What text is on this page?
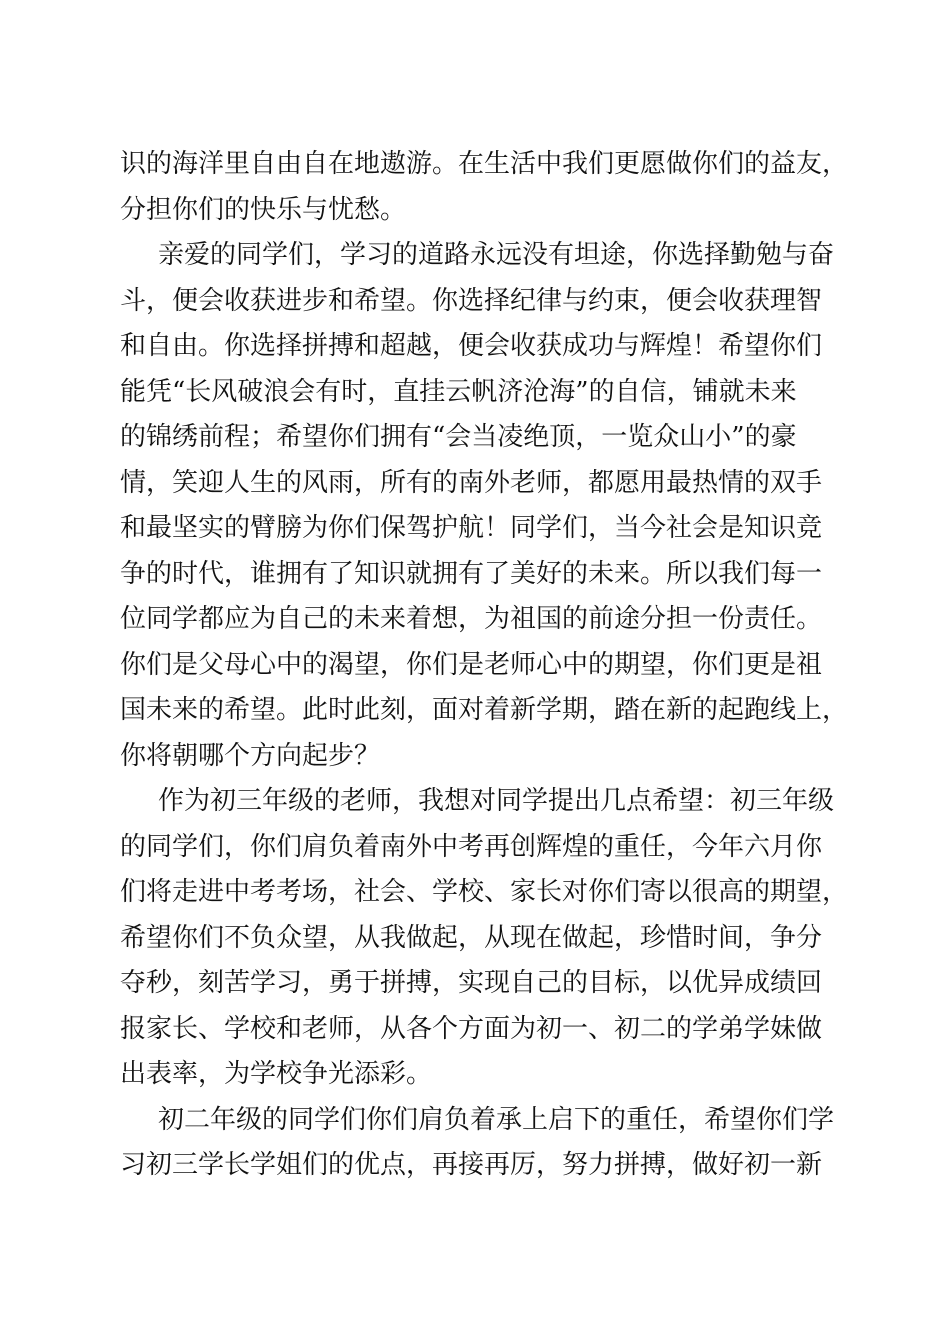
识的海洋里自由自在地遨游。在生活中我们更愿做你们的益友，
分担你们的快乐与忧愁。
亲爱的同学们，学习的道路永远没有坦途，你选择勤勉与奋
斗，便会收获进步和希望。你选择纪律与约束，便会收获理智
和自由。你选择拼搏和超越，便会收获成功与辉煌！希望你们
能凭“长风破浪会有时，直挂云帆济沧海”的自信，铺就未来
的锦绣前程；希望你们拥有“会当凌绝顶，一览众山小”的豪
情，笑迎人生的风雨，所有的南外老师，都愿用最热情的双手
和最坚实的臂膀为你们保驾护航！同学们，当今社会是知识竞
争的时代，谁拥有了知识就拥有了美好的未来。所以我们每一
位同学都应为自己的未来着想，为祖国的前途分担一份责任。
你们是父母心中的渴望，你们是老师心中的期望，你们更是祖
国未来的希望。此时此刻，面对着新学期，踏在新的起跑线上，
你将朝哪个方向起步？
作为初三年级的老师，我想对同学提出几点希望：初三年级
的同学们，你们肩负着南外中考再创辉煌的重任，今年六月你
们将走进中考考场，社会、学校、家长对你们寄以很高的期望，
希望你们不负众望，从我做起，从现在做起，珍惜时间，争分
夺秒，刻苦学习，勇于拼搏，实现自己的目标，以优异成绩回
报家长、学校和老师，从各个方面为初一、初二的学弟学妹做
出表率，为学校争光添彩。
初二年级的同学们你们肩负着承上启下的重任，希望你们学
习初三学长学姐们的优点，再接再厉，努力拼搏，做好初一新
